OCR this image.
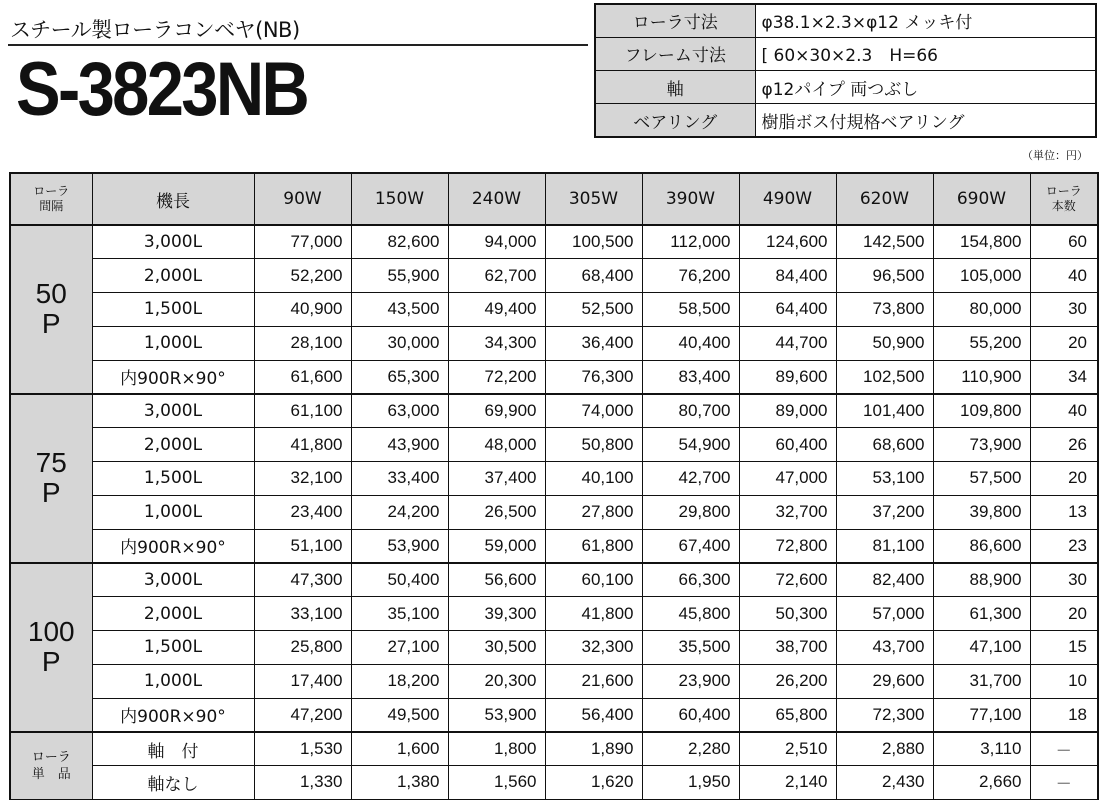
スチール製ローラコンベヤ(NB)
S-3823NB
ローラ寸法	φ38.1×2.3×φ12 メッキ付
フレーム寸法	[ 60×30×2.3　H=66
軸	φ12パイプ 両つぶし
ベアリング	樹脂ボス付規格ベアリング
（単位：円）
ローラ
間隔	機長	90W	150W	240W	305W	390W	490W	620W	690W	ローラ
本数

50
P	3,000L	77,000	82,600	94,000	100,500	112,000	124,600	142,500	154,800	60
	2,000L	52,200	55,900	62,700	68,400	76,200	84,400	96,500	105,000	40
	1,500L	40,900	43,500	49,400	52,500	58,500	64,400	73,800	80,000	30
	1,000L	28,100	30,000	34,300	36,400	40,400	44,700	50,900	55,200	20
	内900R×90°	61,600	65,300	72,200	76,300	83,400	89,600	102,500	110,900	34

75
P	3,000L	61,100	63,000	69,900	74,000	80,700	89,000	101,400	109,800	40
	2,000L	41,800	43,900	48,000	50,800	54,900	60,400	68,600	73,900	26
	1,500L	32,100	33,400	37,400	40,100	42,700	47,000	53,100	57,500	20
	1,000L	23,400	24,200	26,500	27,800	29,800	32,700	37,200	39,800	13
	内900R×90°	51,100	53,900	59,000	61,800	67,400	72,800	81,100	86,600	23

100
P	3,000L	47,300	50,400	56,600	60,100	66,300	72,600	82,400	88,900	30
	2,000L	33,100	35,100	39,300	41,800	45,800	50,300	57,000	61,300	20
	1,500L	25,800	27,100	30,500	32,300	35,500	38,700	43,700	47,100	15
	1,000L	17,400	18,200	20,300	21,600	23,900	26,200	29,600	31,700	10
	内900R×90°	47,200	49,500	53,900	56,400	60,400	65,800	72,300	77,100	18

ローラ
単　品	軸　付	1,530	1,600	1,800	1,890	2,280	2,510	2,880	3,110	－
	軸なし	1,330	1,380	1,560	1,620	1,950	2,140	2,430	2,660	－
